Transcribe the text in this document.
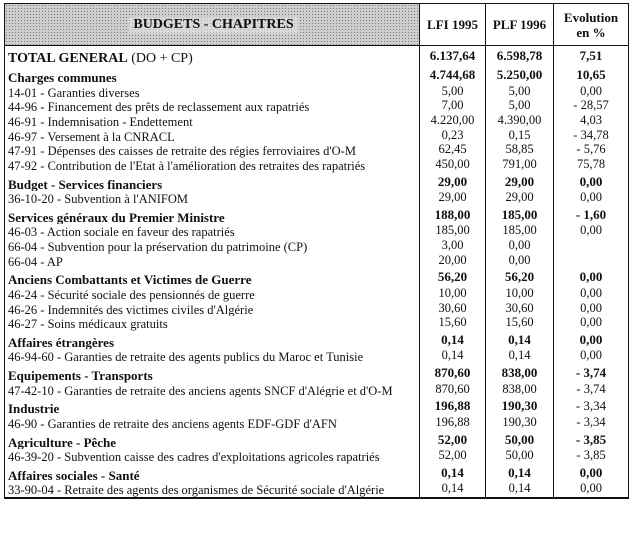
BUDGETS - CHAPITRES	LFI 1995	PLF 1996	Evolution
en %
TOTAL GENERAL (DO + CP)	6.137,64	6.598,78	7,51
Charges communes	4.744,68	5.250,00	10,65
14-01 - Garanties diverses	5,00	5,00	0,00
44-96 - Financement des prêts de reclassement aux rapatriés	7,00	5,00	- 28,57
46-91 - Indemnisation - Endettement	4.220,00	4.390,00	4,03
46-97 - Versement à la CNRACL	0,23	0,15	- 34,78
47-91 - Dépenses des caisses de retraite des régies ferroviaires d'O-M	62,45	58,85	- 5,76
47-92 - Contribution de l'Etat à l'amélioration des retraites des rapatriés	450,00	791,00	75,78
Budget - Services financiers	29,00	29,00	0,00
36-10-20 - Subvention à l'ANIFOM	29,00	29,00	0,00
Services généraux du Premier Ministre	188,00	185,00	- 1,60
46-03 - Action sociale en faveur des rapatriés	185,00	185,00	0,00
66-04 - Subvention pour la préservation du patrimoine (CP)	3,00	0,00
66-04 - AP	20,00	0,00
Anciens Combattants et Victimes de Guerre	56,20	56,20	0,00
46-24 - Sécurité sociale des pensionnés de guerre	10,00	10,00	0,00
46-26 - Indemnités des victimes civiles d'Algérie	30,60	30,60	0,00
46-27 - Soins médicaux gratuits	15,60	15,60	0,00
Affaires étrangères	0,14	0,14	0,00
46-94-60 - Garanties de retraite des agents publics du Maroc et Tunisie	0,14	0,14	0,00
Equipements - Transports	870,60	838,00	- 3,74
47-42-10 - Garanties de retraite des anciens agents SNCF d'Alégrie et d'O-M	870,60	838,00	- 3,74
Industrie	196,88	190,30	- 3,34
46-90 - Garanties de retraite des anciens agents EDF-GDF d'AFN	196,88	190,30	- 3,34
Agriculture - Pêche	52,00	50,00	- 3,85
46-39-20 - Subvention caisse des cadres d'exploitations agricoles rapatriés	52,00	50,00	- 3,85
Affaires sociales - Santé	0,14	0,14	0,00
33-90-04 - Retraite des agents des organismes de Sécurité sociale d'Algérie	0,14	0,14	0,00
